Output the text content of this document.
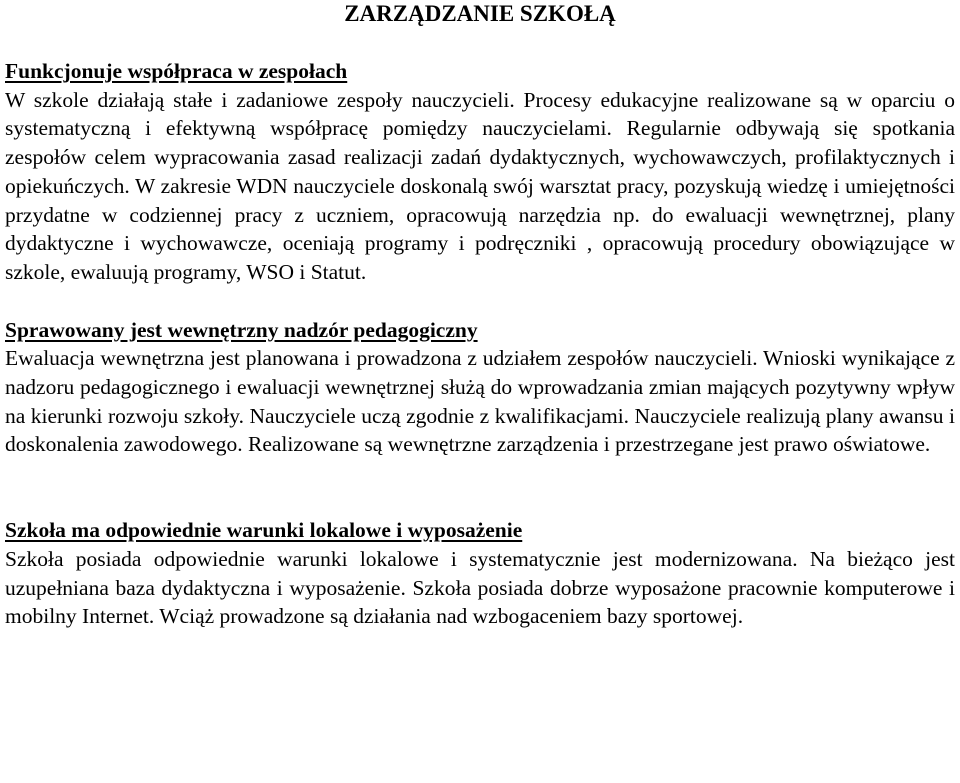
ZARZĄDZANIE SZKOŁĄ
Funkcjonuje współpraca w zespołach

W szkole działają stałe i zadaniowe zespoły nauczycieli. Procesy edukacyjne realizowane są w oparciu o systematyczną i efektywną współpracę pomiędzy nauczycielami. Regularnie odbywają się spotkania zespołów celem wypracowania zasad realizacji zadań dydaktycznych, wychowawczych, profilaktycznych i opiekuńczych. W zakresie WDN nauczyciele doskonalą swój warsztat pracy, pozyskują wiedzę i umiejętności przydatne w codziennej pracy z uczniem, opracowują narzędzia np. do ewaluacji wewnętrznej, plany dydaktyczne i wychowawcze, oceniają programy i podręczniki , opracowują procedury obowiązujące w szkole, ewaluują programy, WSO i Statut.

Sprawowany jest wewnętrzny nadzór pedagogiczny

Ewaluacja wewnętrzna jest planowana i prowadzona z udziałem zespołów nauczycieli. Wnioski wynikające z nadzoru pedagogicznego i ewaluacji wewnętrznej służą do wprowadzania zmian mających pozytywny wpływ na kierunki rozwoju szkoły. Nauczyciele uczą zgodnie z kwalifikacjami. Nauczyciele realizują plany awansu i doskonalenia zawodowego. Realizowane są wewnętrzne zarządzenia i przestrzegane jest prawo oświatowe.

Szkoła ma odpowiednie warunki lokalowe i wyposażenie

Szkoła posiada odpowiednie warunki lokalowe i systematycznie jest modernizowana. Na bieżąco jest uzupełniana baza dydaktyczna i wyposażenie. Szkoła posiada dobrze wyposażone pracownie komputerowe i mobilny Internet. Wciąż prowadzone są działania nad wzbogaceniem bazy sportowej.
